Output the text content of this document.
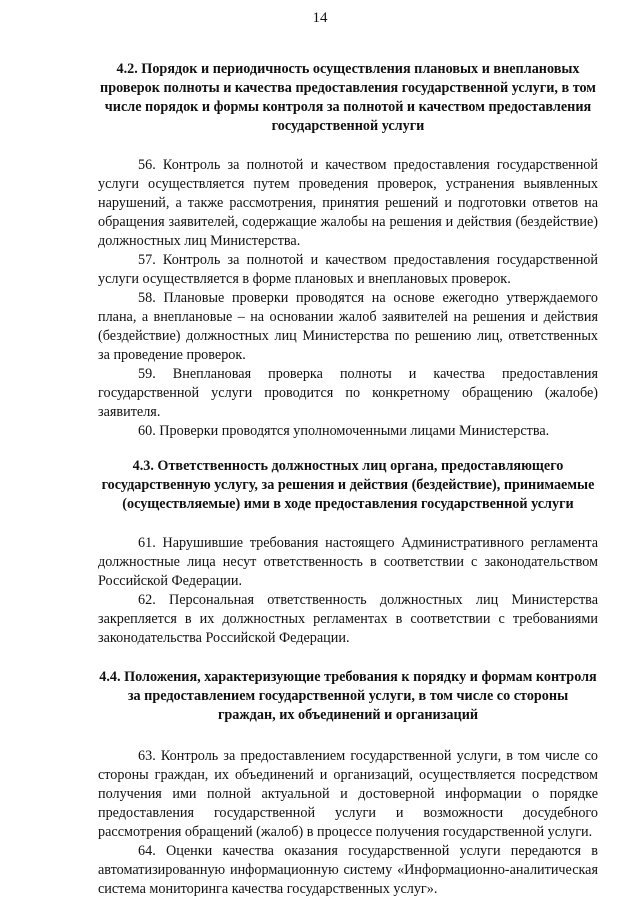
14
4.2. Порядок и периодичность осуществления плановых и внеплановых проверок полноты и качества предоставления государственной услуги, в том числе порядок и формы контроля за полнотой и качеством предоставления государственной услуги

56. Контроль за полнотой и качеством предоставления государственной услуги осуществляется путем проведения проверок, устранения выявленных нарушений, а также рассмотрения, принятия решений и подготовки ответов на обращения заявителей, содержащие жалобы на решения и действия (бездействие) должностных лиц Министерства.

57. Контроль за полнотой и качеством предоставления государственной услуги осуществляется в форме плановых и внеплановых проверок.

58. Плановые проверки проводятся на основе ежегодно утверждаемого плана, а внеплановые – на основании жалоб заявителей на решения и действия (бездействие) должностных лиц Министерства по решению лиц, ответственных за проведение проверок.

59. Внеплановая проверка полноты и качества предоставления государственной услуги проводится по конкретному обращению (жалобе) заявителя.

60. Проверки проводятся уполномоченными лицами Министерства.

4.3. Ответственность должностных лиц органа, предоставляющего государственную услугу, за решения и действия (бездействие), принимаемые (осуществляемые) ими в ходе предоставления государственной услуги

61. Нарушившие требования настоящего Административного регламента должностные лица несут ответственность в соответствии с законодательством Российской Федерации.

62. Персональная ответственность должностных лиц Министерства закрепляется в их должностных регламентах в соответствии с требованиями законодательства Российской Федерации.

4.4. Положения, характеризующие требования к порядку и формам контроля за предоставлением государственной услуги, в том числе со стороны граждан, их объединений и организаций

63. Контроль за предоставлением государственной услуги, в том числе со стороны граждан, их объединений и организаций, осуществляется посредством получения ими полной актуальной и достоверной информации о порядке предоставления государственной услуги и возможности досудебного рассмотрения обращений (жалоб) в процессе получения государственной услуги.

64. Оценки качества оказания государственной услуги передаются в автоматизированную информационную систему «Информационно-аналитическая система мониторинга качества государственных услуг».
